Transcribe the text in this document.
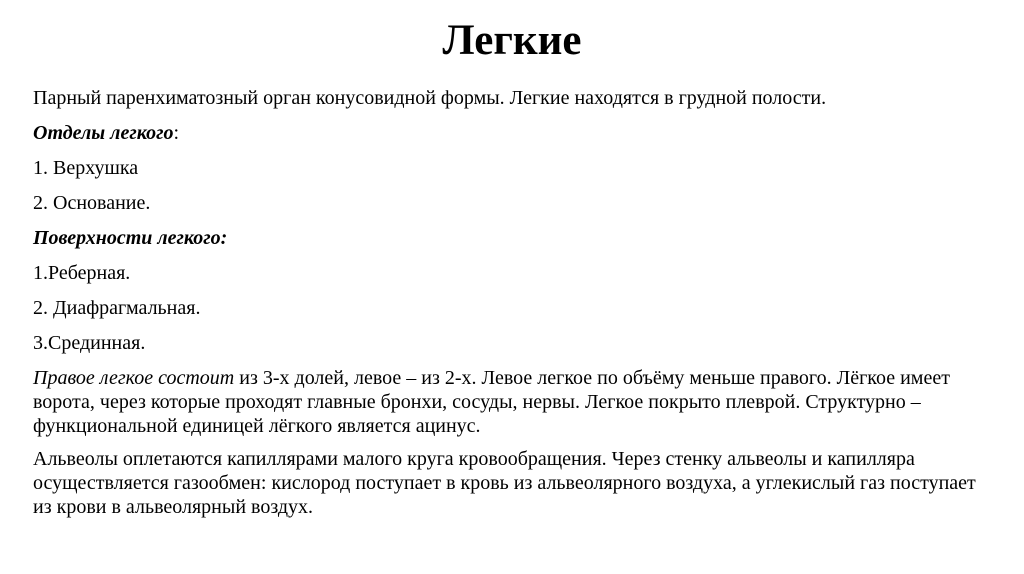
Легкие

Парный паренхиматозный орган конусовидной формы. Легкие находятся в грудной полости.

Отделы легкого:

1. Верхушка

2. Основание.

Поверхности легкого:

1.Реберная.

2. Диафрагмальная.

3.Срединная.

Правое легкое состоит из 3-х долей, левое – из 2-х. Левое легкое по объёму меньше правого. Лёгкое имеет ворота, через которые проходят главные бронхи, сосуды, нервы. Легкое покрыто плеврой. Структурно – функциональной единицей лёгкого является ацинус.

Альвеолы оплетаются капиллярами малого круга кровообращения. Через стенку альвеолы и капилляра осуществляется газообмен: кислород поступает в кровь из альвеолярного воздуха, а углекислый газ поступает из крови в альвеолярный воздух.
